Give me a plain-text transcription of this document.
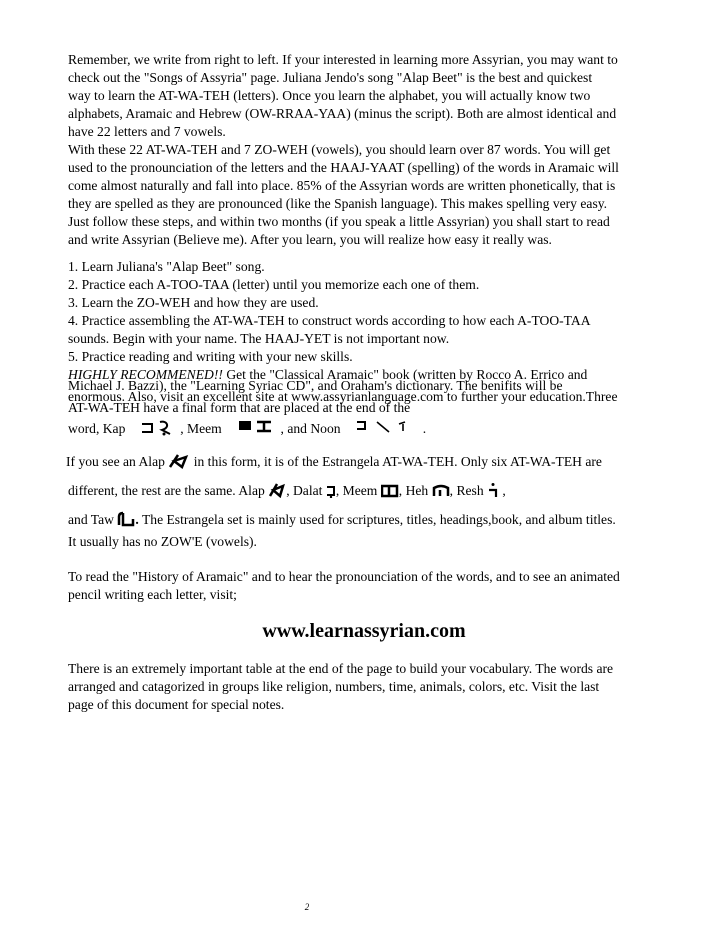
Remember, we write from right to left. If your interested in learning more Assyrian, you may want to
check out the "Songs of Assyria" page. Juliana Jendo's song "Alap Beet" is the best and quickest
way to learn the AT-WA-TEH (letters). Once you learn the alphabet, you will actually know two
alphabets, Aramaic and Hebrew (OW-RRAA-YAA) (minus the script). Both are almost identical and
have 22 letters and 7 vowels.
With these 22 AT-WA-TEH and 7 ZO-WEH (vowels), you should learn over 87 words. You will get
used to the pronounciation of the letters and the HAAJ-YAAT (spelling) of the words in Aramaic will
come almost naturally and fall into place. 85% of the Assyrian words are written phonetically, that is
they are spelled as they are pronounced (like the Spanish language). This makes spelling very easy.
Just follow these steps, and within two months (if you speak a little Assyrian) you shall start to read
and write Assyrian (Believe me). After you learn, you will realize how easy it really was.
1. Learn Juliana's "Alap Beet" song.
2. Practice each A-TOO-TAA (letter) until you memorize each one of them.
3. Learn the ZO-WEH and how they are used.
4. Practice assembling the AT-WA-TEH to construct words according to how each A-TOO-TAA
sounds. Begin with your name. The HAAJ-YET is not important now.
5. Practice reading and writing with your new skills.
HIGHLY RECOMMENED!! Get the "Classical Aramaic" book (written by Rocco A. Errico and
Michael J. Bazzi), the "Learning Syriac CD", and Oraham's dictionary. The benifits will be
enormous. Also, visit an excellent site at www.assyrianlanguage.com to further your education.Three
AT-WA-TEH have a final form that are placed at the end of the
word, Kap	, Meem	, and Noon	.
If you see an Alap
in this form, it is of the Estrangela AT-WA-TEH. Only six AT-WA-TEH are
different, the rest are the same. Alap , Dalat , Meem , Heh , Resh
,
and Taw . The Estrangela set is mainly used for scriptures, titles, headings,book, and album titles.
It usually has no ZOW'E (vowels).
To read the "History of Aramaic" and to hear the pronounciation of the words, and to see an animated
pencil writing each letter, visit;
www.learnassyrian.com
There is an extremely important table at the end of the page to build your vocabulary. The words are
arranged and catagorized in groups like religion, numbers, time, animals, colors, etc. Visit the last
page of this document for special notes.
2
